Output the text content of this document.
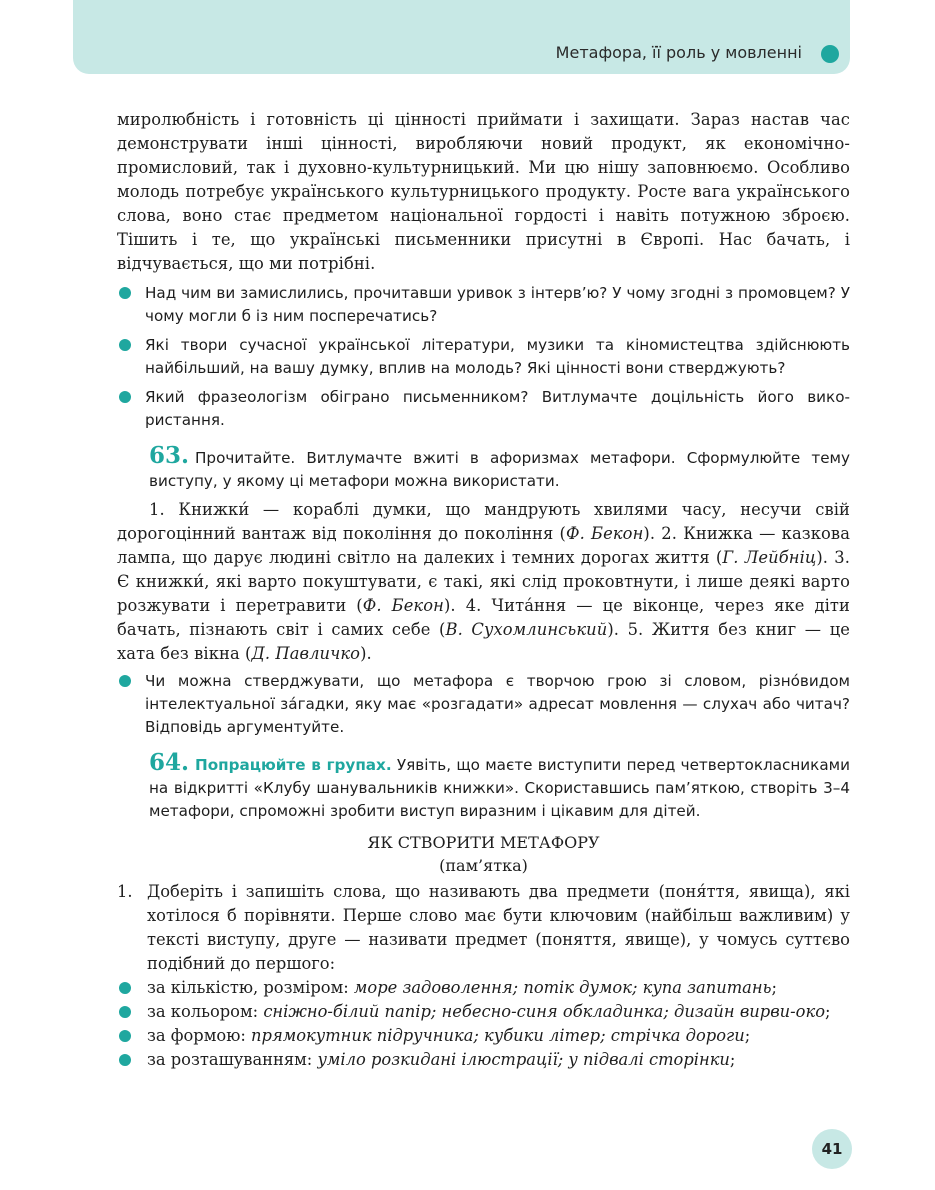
Метафора, її роль у мовленні

миролюбність і готовність ці цінності приймати і захищати. Зараз настав час демонструвати інші цінності, виробляючи новий продукт, як економічно-промисловий, так і духовно-культурницький. Ми цю нішу заповнюємо. Особливо молодь потребує українського культурницького продукту. Росте вага українського слова, воно стає предметом національної гордості і навіть потужною зброєю. Тішить і те, що українські письменники присутні в Європі. Нас бачать, і відчувається, що ми потрібні.

Над чим ви замислились, прочитавши уривок з інтерв’ю? У чому згодні з промовцем? У чому могли б із ним посперечатись?

Які твори сучасної української літератури, музики та кіномистецтва здійснюють найбільший, на вашу думку, вплив на молодь? Які цінності вони стверджують?

Який фразеологізм обіграно письменником? Витлумачте доцільність його використання.

63. Прочитайте. Витлумачте вжиті в афоризмах метафори. Сформулюйте тему виступу, у якому ці метафори можна використати.

1. Книжки́ — кораблі думки, що мандрують хвилями часу, несучи свій дорогоцінний вантаж від покоління до покоління (Ф. Бекон). 2. Книжка — казкова лампа, що дарує людині світло на далеких і темних дорогах життя (Г. Лейбніц). 3. Є книжки́, які варто покуштувати, є такі, які слід проковтнути, і лише деякі варто розжувати і перетравити (Ф. Бекон). 4. Чита́ння — це віконце, через яке діти бачать, пізнають світ і самих себе (В. Сухомлинський). 5. Життя без книг — це хата без вікна (Д. Павличко).

Чи можна стверджувати, що метафора є творчою грою зі словом, різно́видом інтелектуальної за́гадки, яку має «розгадати» адресат мовлення — слухач або читач? Відповідь аргументуйте.

64. Попрацюйте в групах. Уявіть, що маєте виступити перед четвертокласниками на відкритті «Клубу шанувальників книжки». Скориставшись пам’яткою, створіть 3–4 метафори, спроможні зробити виступ виразним і цікавим для дітей.

ЯК СТВОРИТИ МЕТАФОРУ

(пам’ятка)

1. Доберіть і запишіть слова, що називають два предмети (поня́ття, явища), які хотілося б порівняти. Перше слово має бути ключовим (найбільш важливим) у тексті виступу, друге — називати предмет (поняття, явище), у чомусь суттєво подібний до першого:

за кількістю, розміром: море задоволення; потік думок; купа запитань;

за кольором: сніжно-білий папір; небесно-синя обкладинка; дизайн вирви-око;

за формою: прямокутник підручника; кубики літер; стрічка дороги;

за розташуванням: уміло розкидані ілюстрації; у підвалі сторінки;

41
